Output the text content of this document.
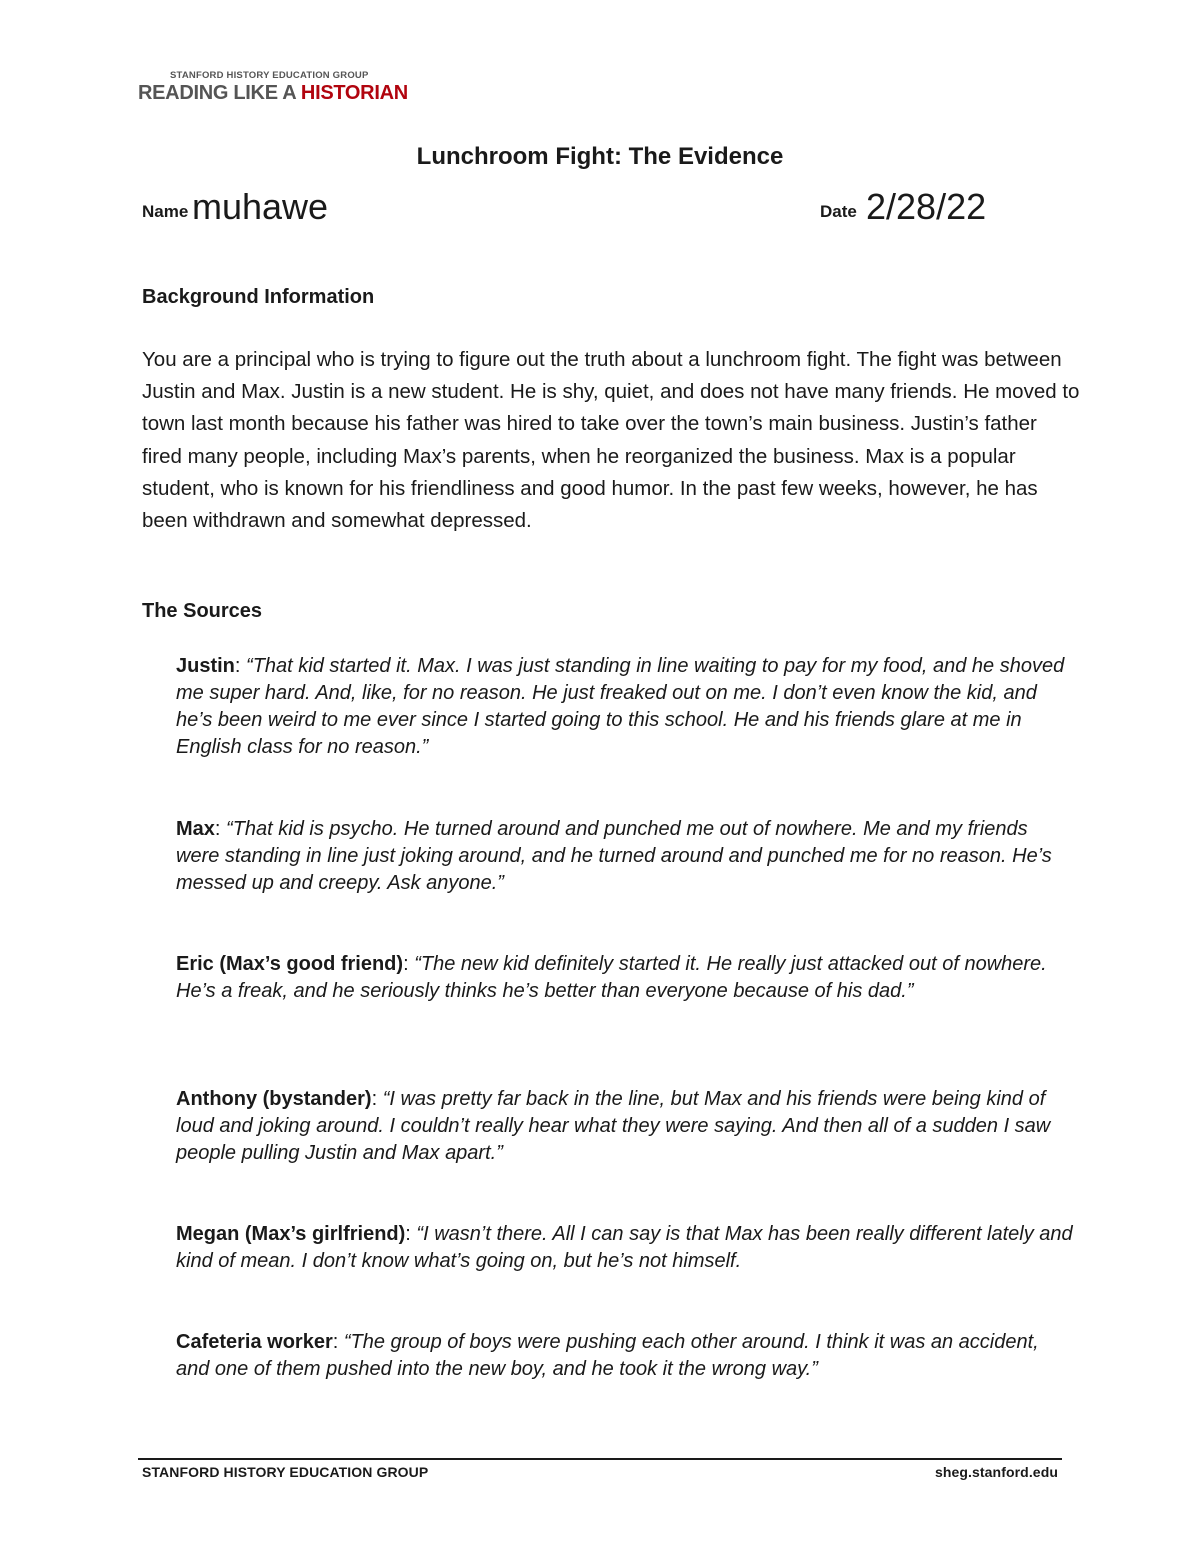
STANFORD HISTORY EDUCATION GROUP
READING LIKE A HISTORIAN
Lunchroom Fight: The Evidence
Name muhawe	Date 2/28/22
Background Information
You are a principal who is trying to figure out the truth about a lunchroom fight. The fight was between Justin and Max. Justin is a new student. He is shy, quiet, and does not have many friends. He moved to town last month because his father was hired to take over the town’s main business. Justin’s father fired many people, including Max’s parents, when he reorganized the business. Max is a popular student, who is known for his friendliness and good humor. In the past few weeks, however, he has been withdrawn and somewhat depressed.
The Sources
Justin: “That kid started it. Max. I was just standing in line waiting to pay for my food, and he shoved me super hard. And, like, for no reason. He just freaked out on me. I don’t even know the kid, and he’s been weird to me ever since I started going to this school. He and his friends glare at me in English class for no reason.”
Max: “That kid is psycho. He turned around and punched me out of nowhere. Me and my friends were standing in line just joking around, and he turned around and punched me for no reason. He’s messed up and creepy. Ask anyone.”
Eric (Max’s good friend): “The new kid definitely started it. He really just attacked out of nowhere. He’s a freak, and he seriously thinks he’s better than everyone because of his dad.”
Anthony (bystander): “I was pretty far back in the line, but Max and his friends were being kind of loud and joking around. I couldn’t really hear what they were saying. And then all of a sudden I saw people pulling Justin and Max apart.”
Megan (Max’s girlfriend): “I wasn’t there. All I can say is that Max has been really different lately and kind of mean. I don’t know what’s going on, but he’s not himself.
Cafeteria worker: “The group of boys were pushing each other around. I think it was an accident, and one of them pushed into the new boy, and he took it the wrong way.”
STANFORD HISTORY EDUCATION GROUP	sheg.stanford.edu
